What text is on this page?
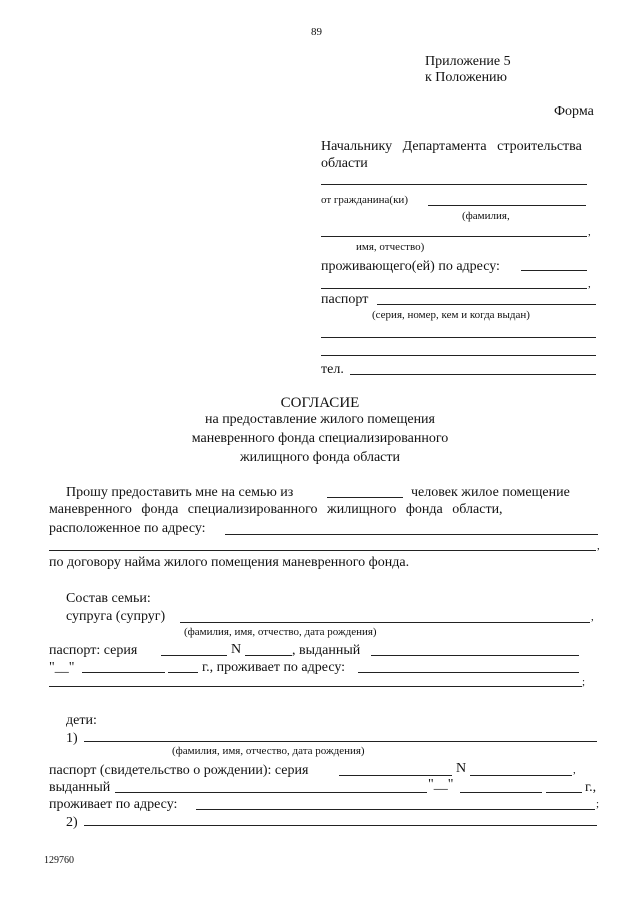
89
Приложение 5
к Положению
Форма
Начальнику Департамента строительства
области
от гражданина(ки)
(фамилия,
,
имя, отчество)
проживающего(ей) по адресу:
,
паспорт
(серия, номер, кем и когда выдан)
тел.
СОГЛАСИЕ
на предоставление жилого помещения
маневренного фонда специализированного
жилищного фонда области
Прошу предоставить мне на семью из	человек жилое помещение
маневренного фонда специализированного жилищного фонда области,
расположенное по адресу:
,
по договору найма жилого помещения маневренного фонда.
Состав семьи:
супруга (супруг)	,
(фамилия, имя, отчество, дата рождения)
паспорт: серия	N	, выданный
"__"	г., проживает по адресу:
;
дети:
1)
(фамилия, имя, отчество, дата рождения)
паспорт (свидетельство о рождении): серия	N	,
выданный	"__"	г.,
проживает по адресу:	;
2)
129760
